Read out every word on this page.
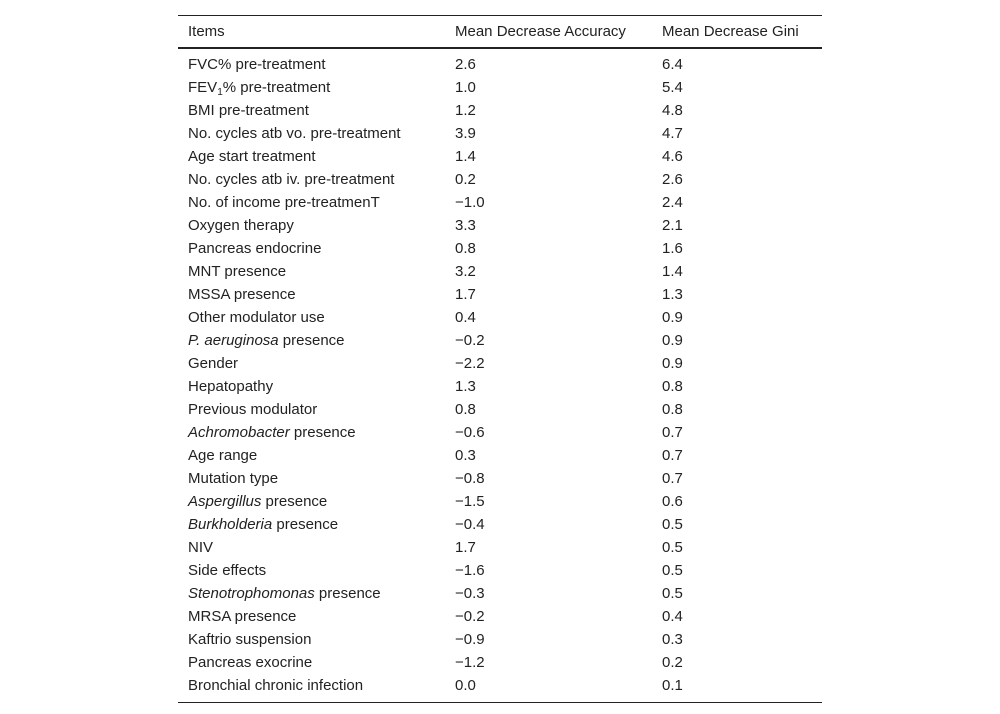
Items	Mean Decrease Accuracy	Mean Decrease Gini
FVC% pre-treatment	2.6	6.4
$FEV_1\%$ pre-treatment	1.0	5.4
BMI pre-treatment	1.2	4.8
No. cycles atb vo. pre-treatment	3.9	4.7
Age start treatment	1.4	4.6
No. cycles atb iv. pre-treatment	0.2	2.6
No. of income pre-treatmenT	−1.0	2.4
Oxygen therapy	3.3	2.1
Pancreas endocrine	0.8	1.6
MNT presence	3.2	1.4
MSSA presence	1.7	1.3
Other modulator use	0.4	0.9
P. aeruginosa presence	−0.2	0.9
Gender	−2.2	0.9
Hepatopathy	1.3	0.8
Previous modulator	0.8	0.8
Achromobacter presence	−0.6	0.7
Age range	0.3	0.7
Mutation type	−0.8	0.7
Aspergillus presence	−1.5	0.6
Burkholderia presence	−0.4	0.5
NIV	1.7	0.5
Side effects	−1.6	0.5
Stenotrophomonas presence	−0.3	0.5
MRSA presence	−0.2	0.4
Kaftrio suspension	−0.9	0.3
Pancreas exocrine	−1.2	0.2
Bronchial chronic infection	0.0	0.1
